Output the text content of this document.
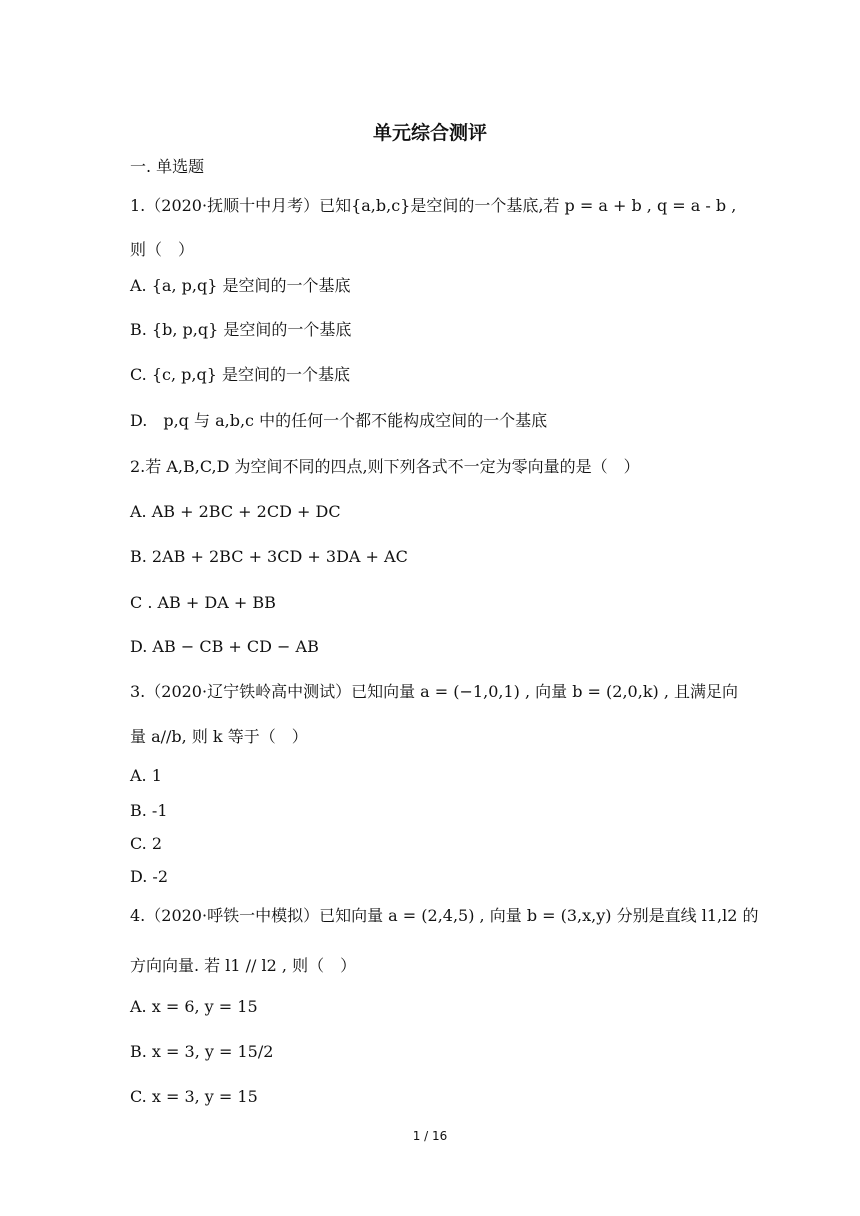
单元综合测评
一. 单选题
1.（2020·抚顺十中月考）已知{a,b,c}是空间的一个基底,若 p = a + b , q = a - b ,
则（　）
A. {a, p,q} 是空间的一个基底
B. {b, p,q} 是空间的一个基底
C. {c, p,q} 是空间的一个基底
D.　p,q 与 a,b,c 中的任何一个都不能构成空间的一个基底
2.若 A,B,C,D 为空间不同的四点,则下列各式不一定为零向量的是（　）
A. AB + 2BC + 2CD + DC
B. 2AB + 2BC + 3CD + 3DA + AC
C . AB + DA + BB
D. AB − CB + CD − AB
3.（2020·辽宁铁岭高中测试）已知向量 a = (−1,0,1) , 向量 b = (2,0,k) , 且满足向
量 a//b, 则 k 等于（　）
A. 1
B. -1
C. 2
D. -2
4.（2020·呼铁一中模拟）已知向量 a = (2,4,5) , 向量 b = (3,x,y) 分别是直线 l1,l2 的
方向向量. 若 l1 // l2 , 则（　）
A. x = 6, y = 15
B. x = 3, y = 15/2
C. x = 3, y = 15
1 / 16
